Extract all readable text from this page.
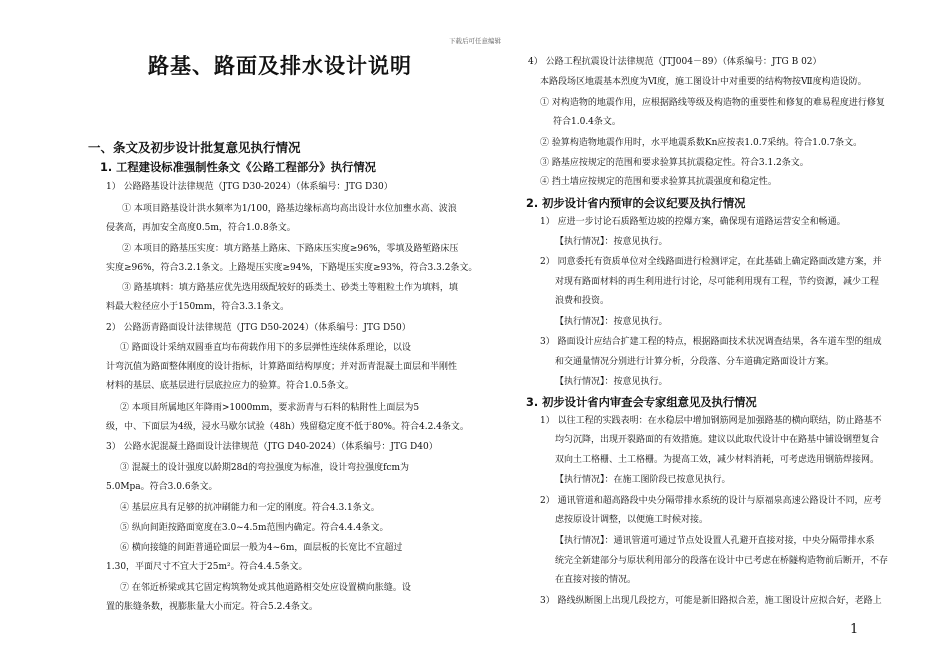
下载后可任意编辑
路基、路面及排水设计说明
一、条文及初步设计批复意见执行情况
1. 工程建设标准强制性条文《公路工程部分》执行情况
1） 公路路基设计法律规范（JTG D30-2024）（体系编号：JTG D30）
① 本项目路基设计洪水频率为1/100，路基边缘标高均高出设计水位加壅水高、波浪
侵袭高，再加安全高度0.5m，符合1.0.8条文。
② 本项目的路基压实度：填方路基上路床、下路床压实度≥96%，零填及路堑路床压
实度≥96%，符合3.2.1条文。上路堤压实度≥94%，下路堤压实度≥93%，符合3.3.2条文。
③ 路基填料：填方路基应优先选用级配较好的砾类土、砂类土等粗粒土作为填料，填
料最大粒径应小于150mm，符合3.3.1条文。
2） 公路沥青路面设计法律规范（JTG D50-2024）（体系编号：JTG D50）
① 路面设计采纳双圆垂直均布荷载作用下的多层弹性连续体系理论，以设
计弯沉值为路面整体刚度的设计指标，计算路面结构厚度；并对沥青混凝土面层和半刚性
材料的基层、底基层进行层底拉应力的验算。符合1.0.5条文。
② 本项目所属地区年降雨>1000mm，要求沥青与石料的粘附性上面层为5
级，中、下面层为4级，浸水马歇尔试验（48h）残留稳定度不低于80%。符合4.2.4条文。
3） 公路水泥混凝土路面设计法律规范（JTG D40-2024）（体系编号：JTG D40）
③ 混凝土的设计强度以龄期28d的弯拉强度为标准，设计弯拉强度fcm为
5.0Mpa。符合3.0.6条文。
④ 基层应具有足够的抗冲刷能力和一定的刚度。符合4.3.1条文。
⑤ 纵向间距按路面宽度在3.0~4.5m范围内确定。符合4.4.4条文。
⑥ 横向接缝的间距普通砼面层一般为4~6m，面层板的长宽比不宜超过
1.30，平面尺寸不宜大于25m²。符合4.4.5条文。
⑦ 在邻近桥梁或其它固定构筑物处或其他道路相交处应设置横向胀缝。设
置的胀缝条数，视膨胀量大小而定。符合5.2.4条文。
4） 公路工程抗震设计法律规范（JTJ004－89）（体系编号：JTG B 02）
本路段场区地震基本烈度为Ⅵ度，施工图设计中对重要的结构物按Ⅶ度构造设防。
① 对构造物的地震作用，应根据路线等级及构造物的重要性和修复的难易程度进行修复
符合1.0.4条文。
② 验算构造物地震作用时，水平地震系数Kn应按表1.0.7采纳。符合1.0.7条文。
③ 路基应按规定的范围和要求验算其抗震稳定性。符合3.1.2条文。
④ 挡土墙应按规定的范围和要求验算其抗震强度和稳定性。
2. 初步设计省内预审的会议纪要及执行情况
1） 应进一步讨论石质路堑边坡的控爆方案，确保现有道路运营安全和畅通。
【执行情况】：按意见执行。
2） 同意委托有资质单位对全线路面进行检测评定，在此基础上确定路面改建方案，并
对现有路面材料的再生利用进行讨论，尽可能利用现有工程，节约资源，减少工程
浪费和投资。
【执行情况】：按意见执行。
3） 路面设计应结合扩建工程的特点，根据路面技术状况调查结果，各车道车型的组成
和交通量情况分别进行计算分析，分段落、分车道确定路面设计方案。
【执行情况】：按意见执行。
3. 初步设计省内审查会专家组意见及执行情况
1） 以往工程的实践表明：在水稳层中增加钢筋网是加强路基的横向联结，防止路基不
均匀沉降，出现开裂路面的有效措施。建议以此取代设计中在路基中铺设钢塑复合
双向土工格栅、土工格栅。为提高工效，减少材料消耗，可考虑选用钢筋焊接网。
【执行情况】：在施工图阶段已按意见执行。
2） 通讯管道和超高路段中央分隔带排水系统的设计与原福泉高速公路设计不同，应考
虑按原设计调整，以便施工时候对接。
【执行情况】：通讯管道可通过节点处设置人孔避开直接对接，中央分隔带排水系
统完全新建部分与原状利用部分的段落在设计中已考虑在桥隧构造物前后断开，不存
在直接对接的情况。
3） 路线纵断图上出现几段挖方，可能是新旧路拟合差，施工图设计应拟合好，老路上
1
